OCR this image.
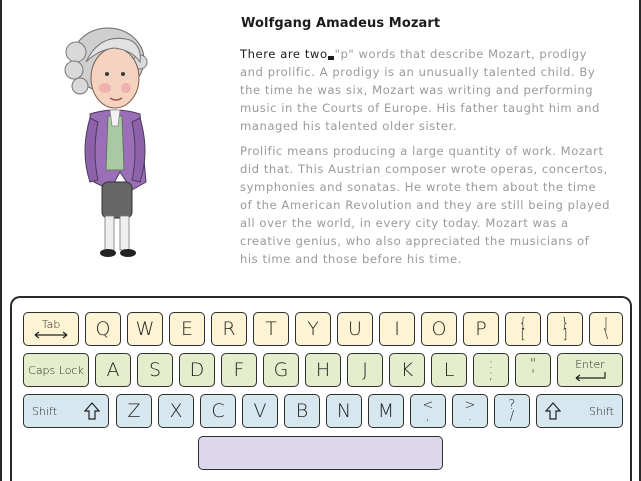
Wolfgang Amadeus Mozart
There are two "p" words that describe Mozart, prodigy and prolific. A prodigy is an unusually talented child. By the time he was six, Mozart was writing and performing music in the Courts of Europe. His father taught him and managed his talented older sister.
Prolific means producing a large quantity of work. Mozart did that. This Austrian composer wrote operas, concertos, symphonies and sonatas. He wrote them about the time of the American Revolution and they are still being played all over the world, in every city today. Mozart was a creative genius, who also appreciated the musicians of his time and those before his time.
Tab	Q	W	E	R	T	Y	U	I	O	P	{
[
}
]
|
\
Caps Lock	A	S	D	F	G	H	J	K	L	:
;
"
'
Enter
Shift	Z	X	C	V	B	N	M	<
,
>
.
?
/	Shift
